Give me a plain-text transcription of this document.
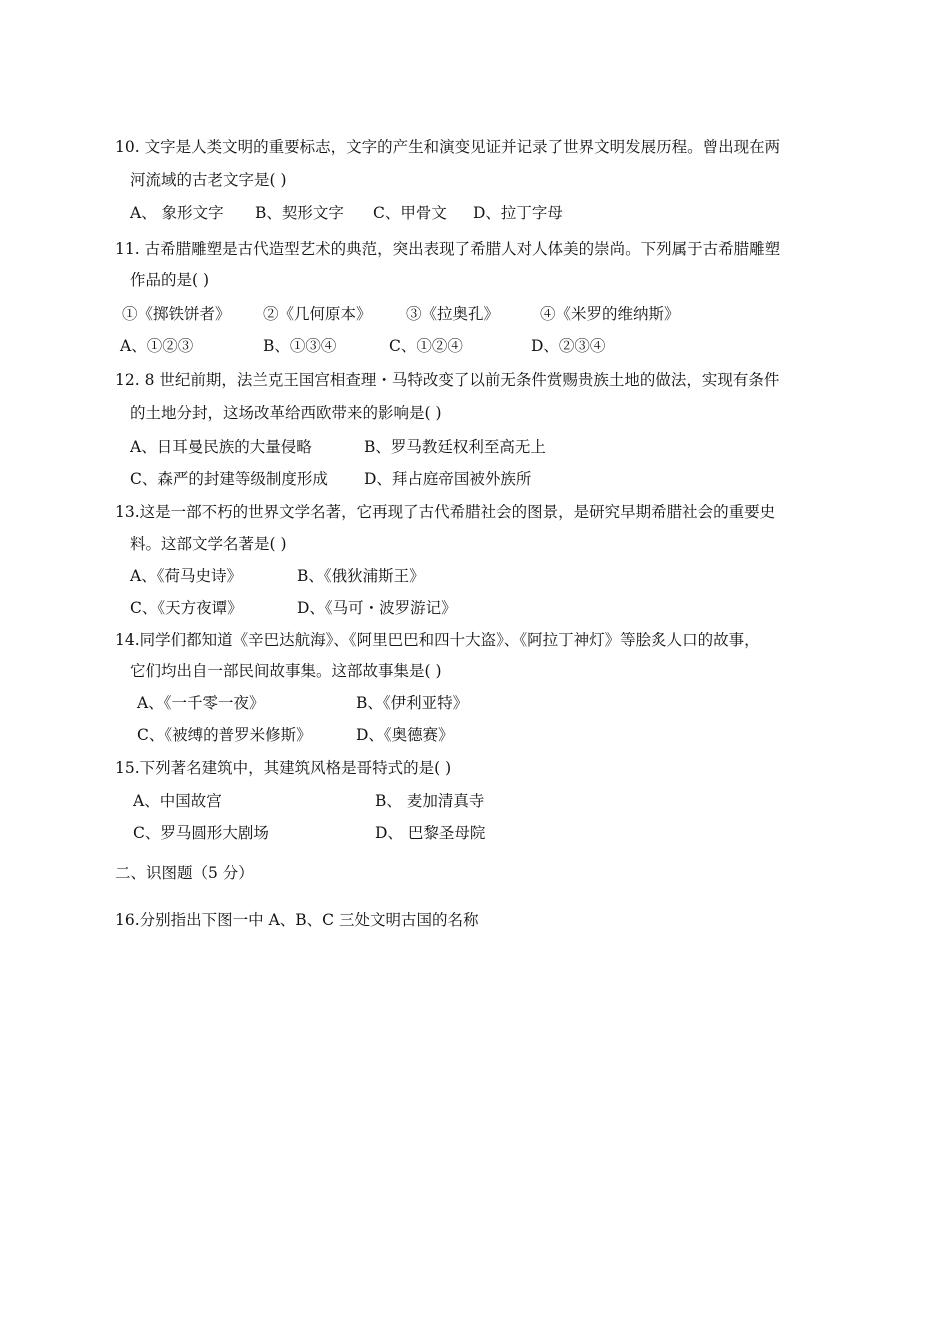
10. 文字是人类文明的重要标志，文字的产生和演变见证并记录了世界文明发展历程。曾出现在两
河流域的古老文字是( )
A、 象形文字 B、契形文字 C、甲骨文 D、拉丁字母
11. 古希腊雕塑是古代造型艺术的典范，突出表现了希腊人对人体美的崇尚。下列属于古希腊雕塑
作品的是( )
①《掷铁饼者》 ②《几何原本》 ③《拉奥孔》	④《米罗的维纳斯》
A、①②③	B、①③④	C、①②④	D、②③④
12. 8 世纪前期，法兰克王国宫相查理・马特改变了以前无条件赏赐贵族土地的做法，实现有条件
的土地分封，这场改革给西欧带来的影响是( )
A、日耳曼民族的大量侵略	B、罗马教廷权利至高无上
C、森严的封建等级制度形成 D、拜占庭帝国被外族所
13.这是一部不朽的世界文学名著，它再现了古代希腊社会的图景，是研究早期希腊社会的重要史
料。这部文学名著是( )
A、《荷马史诗》	B、《俄狄浦斯王》
C、《天方夜谭》	D、《马可・波罗游记》
14.同学们都知道《辛巴达航海》、《阿里巴巴和四十大盗》、《阿拉丁神灯》等脍炙人口的故事，
它们均出自一部民间故事集。这部故事集是( )
A、《一千零一夜》	B、《伊利亚特》
C、《被缚的普罗米修斯》	D、《奥德赛》
15.下列著名建筑中，其建筑风格是哥特式的是( )
A、中国故宫	B、 麦加清真寺
C、罗马圆形大剧场	D、 巴黎圣母院
二、识图题（5 分）
16.分别指出下图一中 A、B、C 三处文明古国的名称
